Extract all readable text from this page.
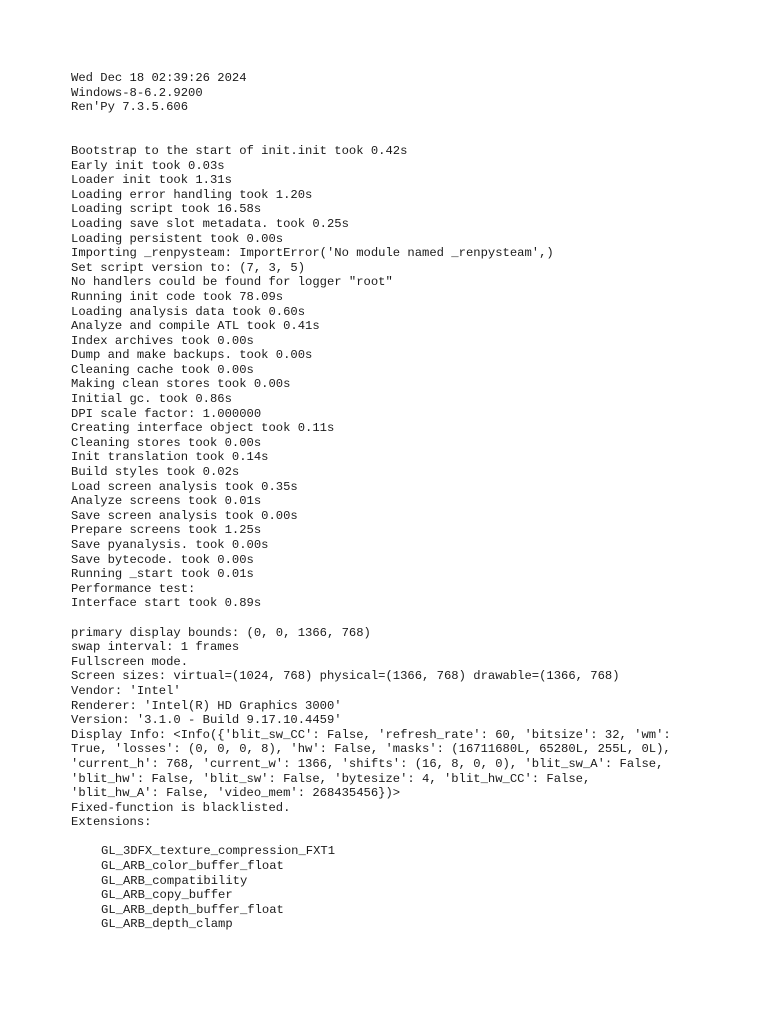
Wed Dec 18 02:39:26 2024
Windows-8-6.2.9200
Ren'Py 7.3.5.606
Bootstrap to the start of init.init took 0.42s
Early init took 0.03s
Loader init took 1.31s
Loading error handling took 1.20s
Loading script took 16.58s
Loading save slot metadata. took 0.25s
Loading persistent took 0.00s
Importing _renpysteam: ImportError('No module named _renpysteam',)
Set script version to: (7, 3, 5)
No handlers could be found for logger "root"
Running init code took 78.09s
Loading analysis data took 0.60s
Analyze and compile ATL took 0.41s
Index archives took 0.00s
Dump and make backups. took 0.00s
Cleaning cache took 0.00s
Making clean stores took 0.00s
Initial gc. took 0.86s
DPI scale factor: 1.000000
Creating interface object took 0.11s
Cleaning stores took 0.00s
Init translation took 0.14s
Build styles took 0.02s
Load screen analysis took 0.35s
Analyze screens took 0.01s
Save screen analysis took 0.00s
Prepare screens took 1.25s
Save pyanalysis. took 0.00s
Save bytecode. took 0.00s
Running _start took 0.01s
Performance test:
Interface start took 0.89s
primary display bounds: (0, 0, 1366, 768)
swap interval: 1 frames
Fullscreen mode.
Screen sizes: virtual=(1024, 768) physical=(1366, 768) drawable=(1366, 768)
Vendor: 'Intel'
Renderer: 'Intel(R) HD Graphics 3000'
Version: '3.1.0 - Build 9.17.10.4459'
Display Info: <Info({'blit_sw_CC': False, 'refresh_rate': 60, 'bitsize': 32, 'wm':
True, 'losses': (0, 0, 0, 8), 'hw': False, 'masks': (16711680L, 65280L, 255L, 0L),
'current_h': 768, 'current_w': 1366, 'shifts': (16, 8, 0, 0), 'blit_sw_A': False,
'blit_hw': False, 'blit_sw': False, 'bytesize': 4, 'blit_hw_CC': False,
'blit_hw_A': False, 'video_mem': 268435456})>
Fixed-function is blacklisted.
Extensions:
GL_3DFX_texture_compression_FXT1
GL_ARB_color_buffer_float
GL_ARB_compatibility
GL_ARB_copy_buffer
GL_ARB_depth_buffer_float
GL_ARB_depth_clamp
